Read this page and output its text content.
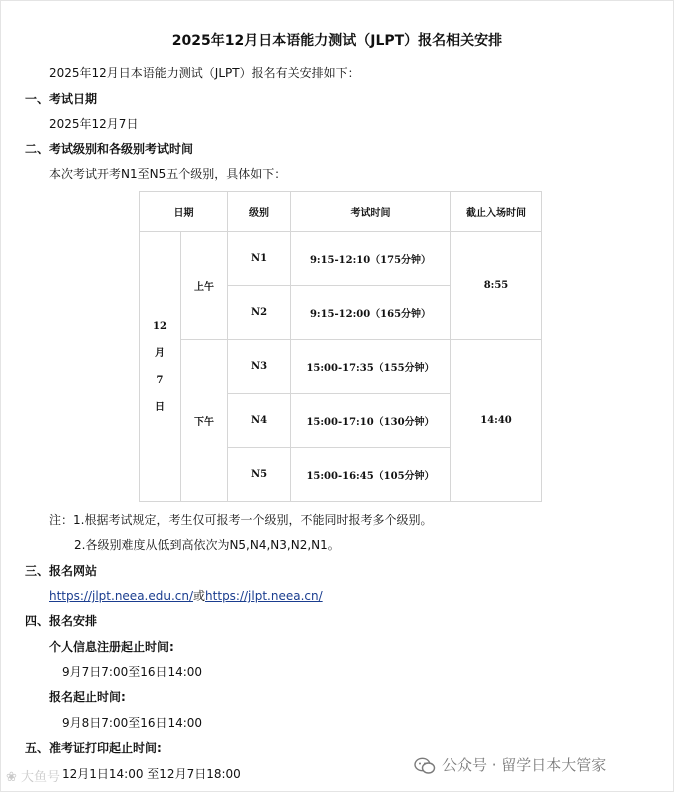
2025年12月日本语能力测试（JLPT）报名相关安排
2025年12月日本语能力测试（JLPT）报名有关安排如下：
一、考试日期
2025年12月7日
二、考试级别和各级别考试时间
本次考试开考N1至N5五个级别，具体如下：
日期		级别	考试时间	截止入场时间

12
月
7
日	上午	N1	9:15-12:10（175分钟）	8:55
		N2	9:15-12:00（165分钟）	
	下午	N3	15:00-17:35（155分钟）	14:40
		N4	15:00-17:10（130分钟）	
		N5	15:00-16:45（105分钟）	
注：1.根据考试规定，考生仅可报考一个级别，不能同时报考多个级别。
2.各级别难度从低到高依次为N5,N4,N3,N2,N1。
三、报名网站
https://jlpt.neea.edu.cn/或https://jlpt.neea.cn/
四、报名安排
个人信息注册起止时间:
9月7日7:00至16日14:00
报名起止时间:
9月8日7:00至16日14:00
五、准考证打印起止时间:
12月1日14:00 至12月7日18:00	公众号 · 留学日本大管家
❀ 大鱼号
